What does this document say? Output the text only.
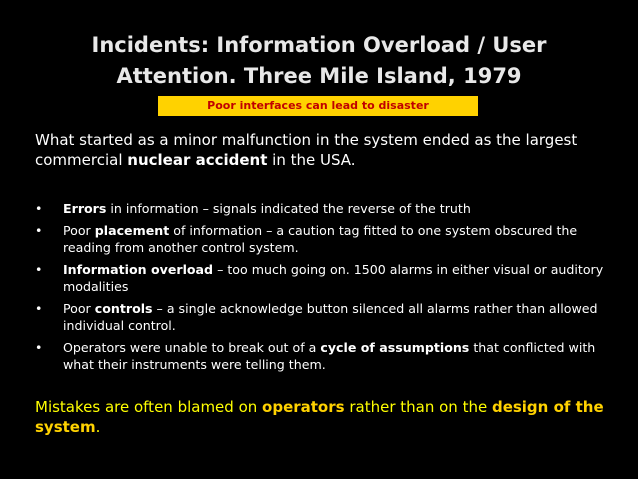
Incidents: Information Overload / User
Attention. Three Mile Island, 1979
Poor interfaces can lead to disaster
What started as a minor malfunction in the system ended as the largest commercial nuclear accident in the USA.
• Errors in information – signals indicated the reverse of the truth
• Poor placement of information – a caution tag fitted to one system obscured the reading from another control system.
• Information overload – too much going on. 1500 alarms in either visual or auditory modalities
• Poor controls – a single acknowledge button silenced all alarms rather than allowed individual control.
• Operators were unable to break out of a cycle of assumptions that conflicted with what their instruments were telling them.
Mistakes are often blamed on operators rather than on the design of the system.
